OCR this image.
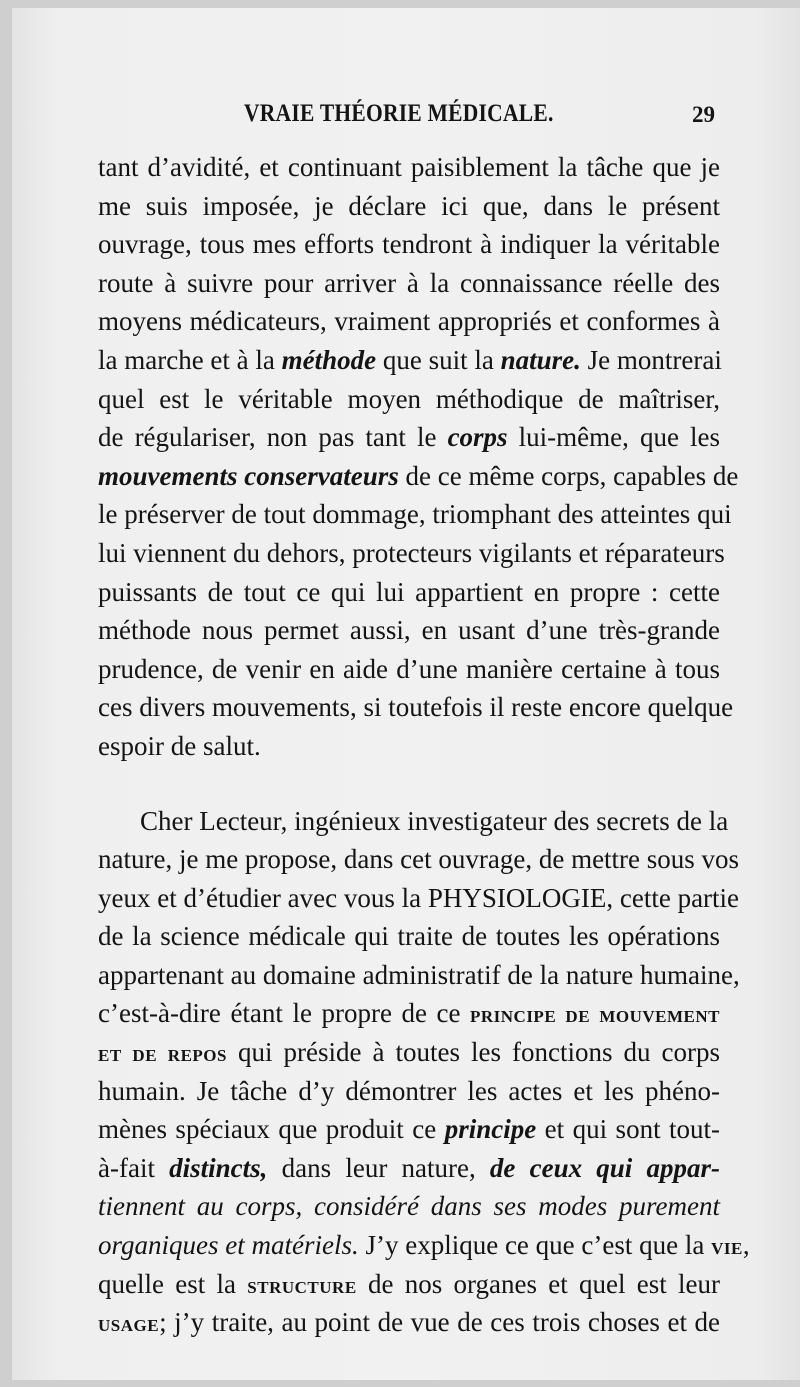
VRAIE THÉORIE MÉDICALE.	29
tant d’avidité, et continuant paisiblement la tâche que je
me suis imposée, je déclare ici que, dans le présent
ouvrage, tous mes efforts tendront à indiquer la véritable
route à suivre pour arriver à la connaissance réelle des
moyens médicateurs, vraiment appropriés et conformes à
la marche et à la méthode que suit la nature. Je montrerai
quel est le véritable moyen méthodique de maîtriser,
de régulariser, non pas tant le corps lui-même, que les
mouvements conservateurs de ce même corps, capables de
le préserver de tout dommage, triomphant des atteintes qui
lui viennent du dehors, protecteurs vigilants et réparateurs
puissants de tout ce qui lui appartient en propre : cette
méthode nous permet aussi, en usant d’une très-grande
prudence, de venir en aide d’une manière certaine à tous
ces divers mouvements, si toutefois il reste encore quelque
espoir de salut.
Cher Lecteur, ingénieux investigateur des secrets de la
nature, je me propose, dans cet ouvrage, de mettre sous vos
yeux et d’étudier avec vous la PHYSIOLOGIE, cette partie
de la science médicale qui traite de toutes les opérations
appartenant au domaine administratif de la nature humaine,
c’est-à-dire étant le propre de ce principe de mouvement
et de repos qui préside à toutes les fonctions du corps
humain. Je tâche d’y démontrer les actes et les phéno-
mènes spéciaux que produit ce principe et qui sont tout-
à-fait distincts, dans leur nature, de ceux qui appar-
tiennent au corps, considéré dans ses modes purement
organiques et matériels. J’y explique ce que c’est que la vie,
quelle est la structure de nos organes et quel est leur
usage; j’y traite, au point de vue de ces trois choses et de
